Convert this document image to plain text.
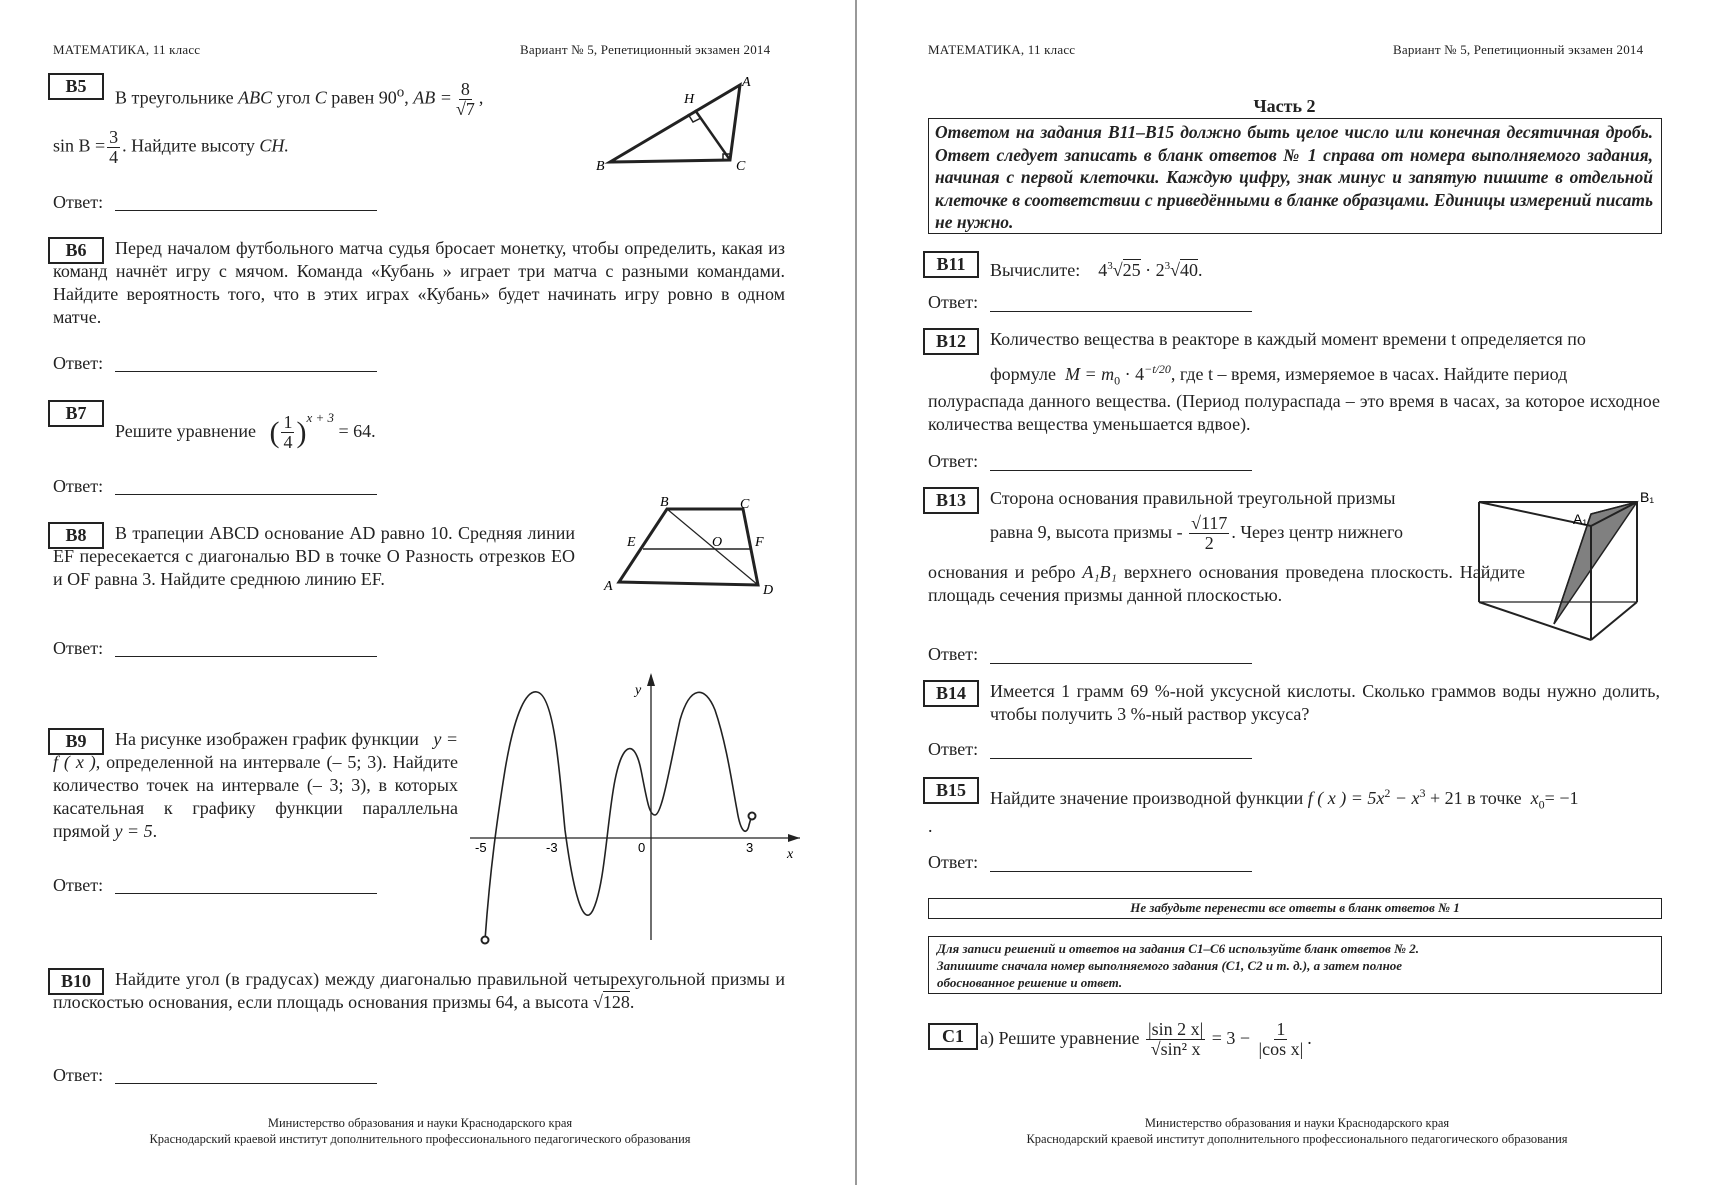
МАТЕМАТИКА, 11 класс	Вариант № 5, Репетиционный экзамен 2014
B5
В треугольнике ABC угол C равен 90$^o$, AB = $\frac{8}{√7}$ ,
$\sin B = \frac{3}{4}$ . Найдите высоту CH.
A
H
B	C
Ответ:
B6	Перед началом футбольного матча судья бросает монетку, чтобы определить, какая из команд начнёт игру с мячом. Команда «Кубань » играет три матча с разными командами. Найдите вероятность того, что в этих играх «Кубань» будет начинать игру ровно в одном матче.
Ответ:
B7
Решите уравнение ( $\frac{1}{4} )^{x + 3} = 64$.
Ответ:
B8	В трапеции ABCD основание AD равно 10. Средняя линии EF пересекается с диагональю BD в точке O Разность отрезков EO и OF равна 3. Найдите среднюю линию EF.
B	C
E	O F
A	D
Ответ:
B9	На рисунке изображен график функции y = f ( x ), определенной на интервале (– 5; 3). Найдите количество точек на интервале (– 3; 3), в которых касательная к графику функции параллельна прямой y = 5.
y
x
-5	-3	0	3
Ответ:
B10	Найдите угол (в градусах) между диагональю правильной четырехугольной призмы и плоскостью основания, если площадь основания призмы 64, а высота √128.
Ответ:
Министерство образования и науки Краснодарского края
Краснодарский краевой институт дополнительного профессионального педагогического образования
МАТЕМАТИКА, 11 класс	Вариант № 5, Репетиционный экзамен 2014
Часть 2
Ответом на задания В11–В15 должно быть целое число или конечная десятичная дробь. Ответ следует записать в бланк ответов № 1 справа от номера выполняемого задания, начиная с первой клеточки. Каждую цифру, знак минус и запятую пишите в отдельной клеточке в соответствии с приведёнными в бланке образцами. Единицы измерений писать не нужно.
B11	Вычислите: $4^3√25 \cdot 2^3√40$.
Ответ:
B12	Количество вещества в реакторе в каждый момент времени t определяется по
формуле $M = m_0 \cdot 4^{-t/20}$, где t – время, измеряемое в часах. Найдите период
полураспада данного вещества. (Период полураспада – это время в часах, за которое исходное количества вещества уменьшается вдвое).
Ответ:
B13	Сторона основания правильной треугольной призмы
равна 9, высота призмы - $\frac{√117}{2}$ . Через центр нижнего
основания и ребро A₁B₁ верхнего основания проведена плоскость. Найдите площадь сечения призмы данной плоскостью.
B₁
A₁
Ответ:
B14	Имеется 1 грамм 69 %-ной уксусной кислоты. Сколько граммов воды нужно долить, чтобы получить 3 %-ный раствор уксуса?
Ответ:
B15	Найдите значение производной функции f ( x ) = $5x^2 - x^3 + 21$ в точке $x_0= -1$
.
Ответ:
Не забудьте перенести все ответы в бланк ответов № 1
Для записи решений и ответов на задания С1–С6 используйте бланк ответов № 2.
Запишите сначала номер выполняемого задания (С1, С2 и т. д.), а затем полное
обоснованное решение и ответ.
C1 а) Решите уравнение $\frac{|\sin 2 x|}{\text{√sin² x}} = 3 - \frac{1}{\text{|cos x|}}$ .
Министерство образования и науки Краснодарского края
Краснодарский краевой институт дополнительного профессионального педагогического образования
